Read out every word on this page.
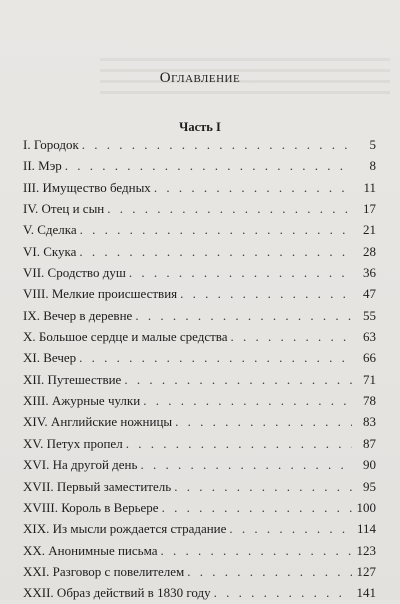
Оглавление
Часть I
I. Городок . . .	5
II. Мэр . . .	8
III. Имущество бедных . . .	11
IV. Отец и сын . . .	17
V. Сделка . . .	21
VI. Скука . . .	28
VII. Сродство душ . . .	36
VIII. Мелкие происшествия . . .	47
IX. Вечер в деревне . . .	55
X. Большое сердце и малые средства . . .	63
XI. Вечер . . .	66
XII. Путешествие . . .	71
XIII. Ажурные чулки . . .	78
XIV. Английские ножницы . . .	83
XV. Петух пропел . . .	87
XVI. На другой день . . .	90
XVII. Первый заместитель . . .	95
XVIII. Король в Верьере . . .	100
XIX. Из мысли рождается страдание . . .	114
XX. Анонимные письма . . .	123
XXI. Разговор с повелителем . . .	127
XXII. Образ действий в 1830 году . . .	141
